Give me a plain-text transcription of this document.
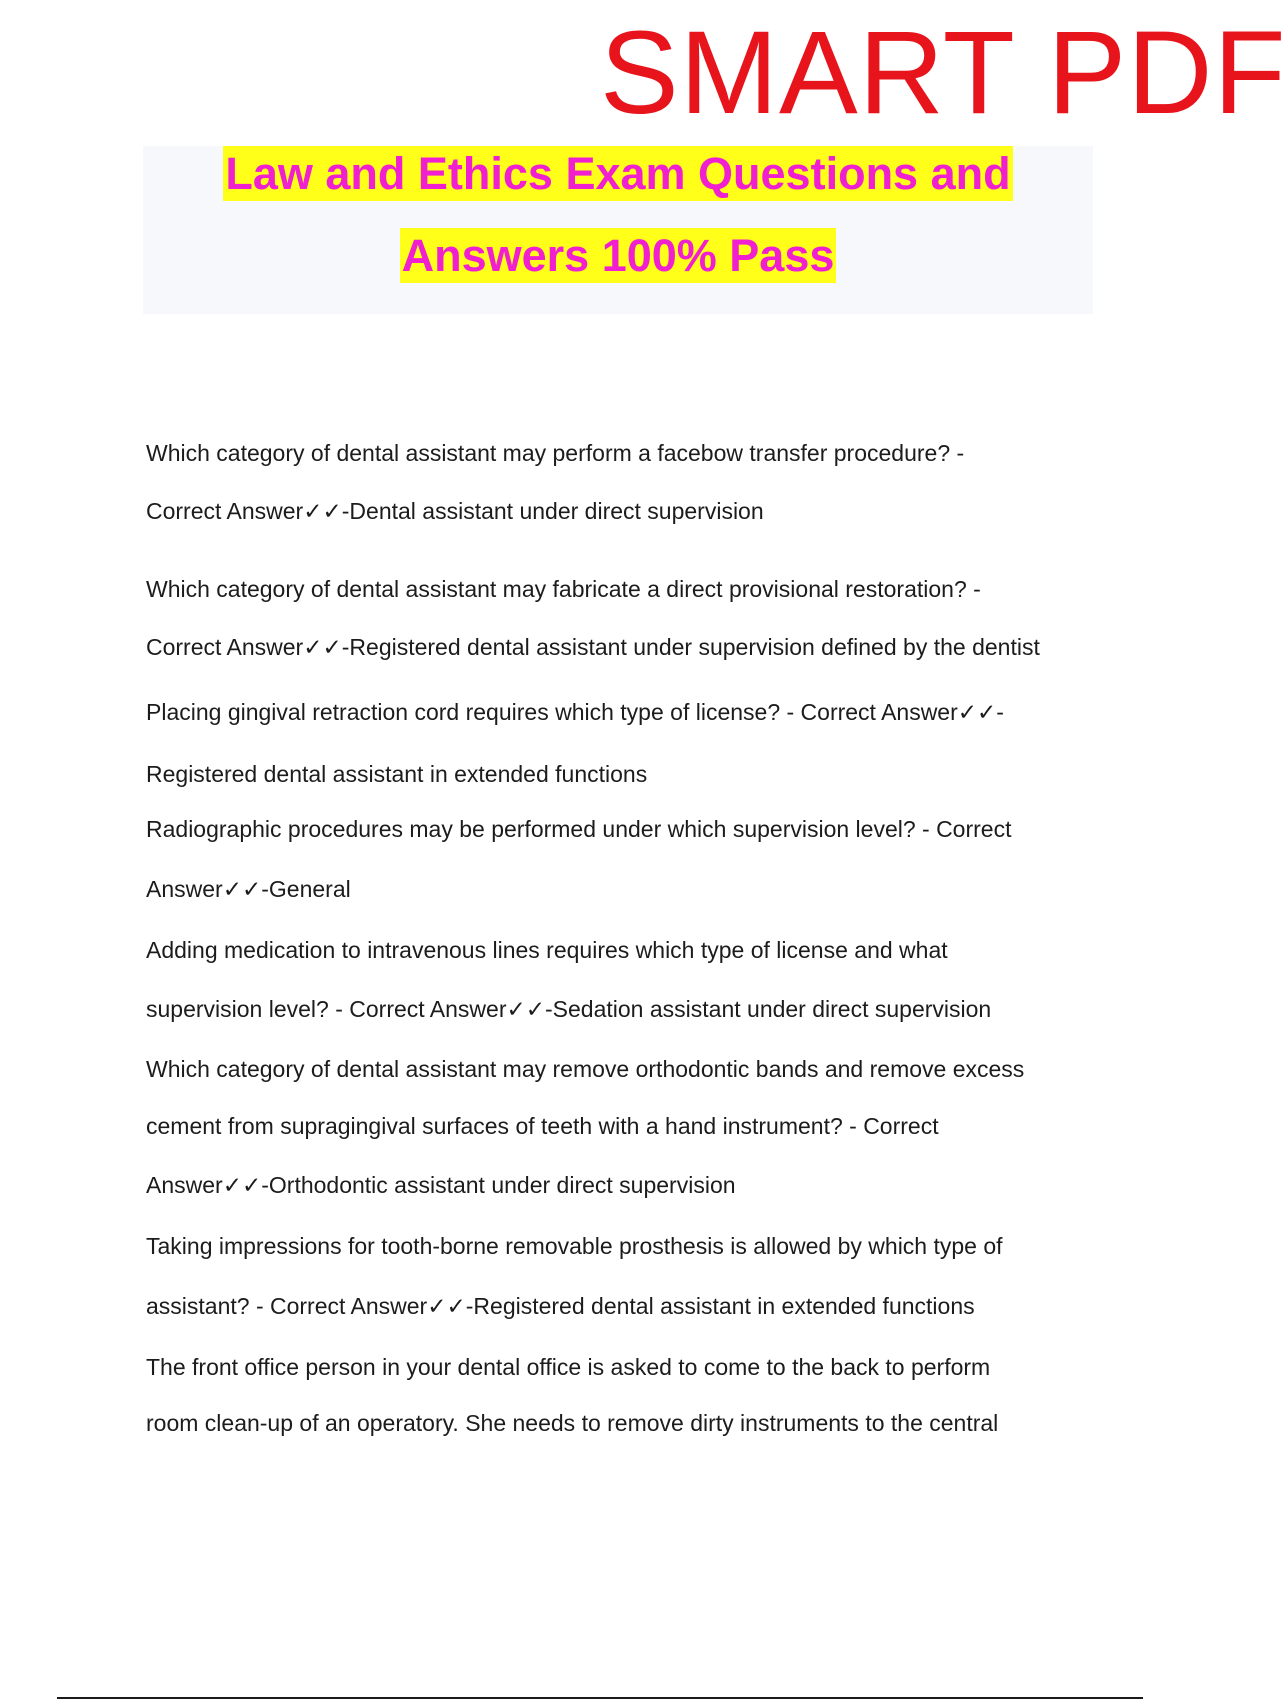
SMART PDF
Law and Ethics Exam Questions and
Answers 100% Pass
Which category of dental assistant may perform a facebow transfer procedure? -
Correct Answer✓✓-Dental assistant under direct supervision
Which category of dental assistant may fabricate a direct provisional restoration? -
Correct Answer✓✓-Registered dental assistant under supervision defined by the dentist
Placing gingival retraction cord requires which type of license? - Correct Answer✓✓-
Registered dental assistant in extended functions
Radiographic procedures may be performed under which supervision level? - Correct
Answer✓✓-General
Adding medication to intravenous lines requires which type of license and what
supervision level? - Correct Answer✓✓-Sedation assistant under direct supervision
Which category of dental assistant may remove orthodontic bands and remove excess
cement from supragingival surfaces of teeth with a hand instrument? - Correct
Answer✓✓-Orthodontic assistant under direct supervision
Taking impressions for tooth-borne removable prosthesis is allowed by which type of
assistant? - Correct Answer✓✓-Registered dental assistant in extended functions
The front office person in your dental office is asked to come to the back to perform
room clean-up of an operatory. She needs to remove dirty instruments to the central
